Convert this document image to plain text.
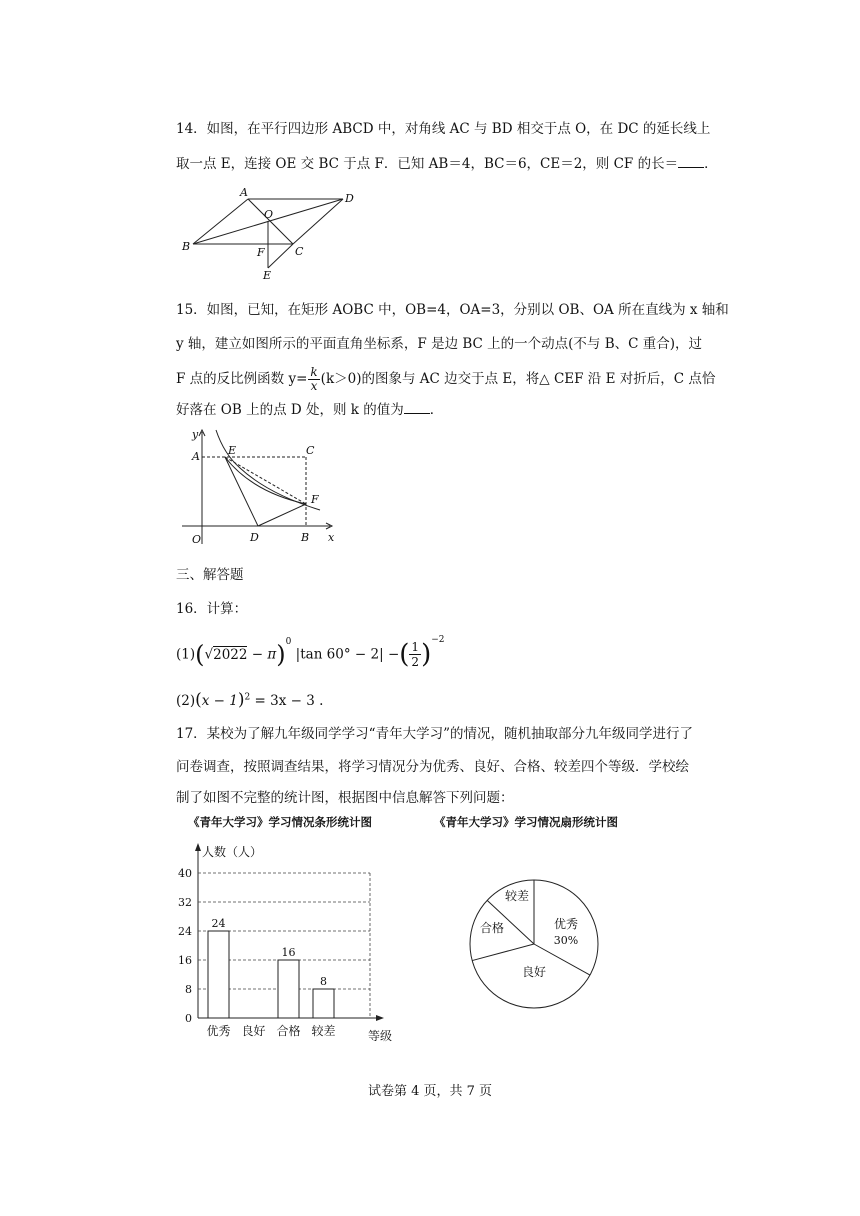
14．如图，在平行四边形 ABCD 中，对角线 AC 与 BD 相交于点 O，在 DC 的延长线上
取一点 E，连接 OE 交 BC 于点 F．已知 AB＝4，BC＝6，CE＝2，则 CF 的长＝ ．
A
B	C
D
E
F
O
15．如图，已知，在矩形 AOBC 中，OB=4，OA=3，分别以 OB、OA 所在直线为 x 轴和
y 轴，建立如图所示的平面直角坐标系，F 是边 BC 上的一个动点(不与 B、C 重合)，过
F 点的反比例函数 $y= \frac{k}{x} (k>0)$的图象与 AC 边交于点 E，将△ CEF 沿 E 对折后，C 点恰
好落在 OB 上的点 D 处，则 k 的值为 ．
y
x
A	E	C
F
O	D	B
三、解答题
16．计算：
$(1)(√2022 - \pi)^0$ |tan 60° − 2| −( $\frac{1}{2} )^{-2}$
$(2)(x - 1)^2 = 3x - 3$ .
17．某校为了解九年级同学学习“青年大学习”的情况，随机抽取部分九年级同学进行了
问卷调查，按照调查结果，将学习情况分为优秀、良好、合格、较差四个等级．学校绘
制了如图不完整的统计图，根据图中信息解答下列问题：
《青年大学习》学习情况条形统计图
人数（人）
0
8
16
24
32
40
24
优秀 良好
16
合格
8
较差	等级
《青年大学习》学习情况扇形统计图
优秀
良好
合格
较差
30%
试卷第 4 页，共 7 页
